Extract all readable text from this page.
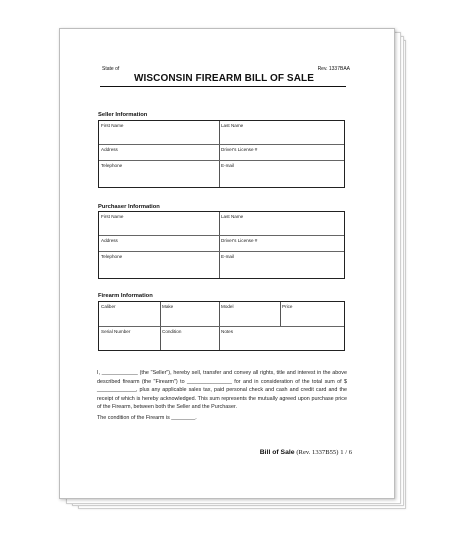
State of	Rev. 1337BAA
WISCONSIN FIREARM BILL OF SALE
Seller Information
First Name	Last Name
Address	Driver's License #
Telephone	E-mail
Purchaser Information
First Name	Last Name
Address	Driver's License #
Telephone	E-mail
Firearm Information
Caliber	Make	Model	Price
Serial Number	Condition	Notes
I, ____________ (the "Seller"), hereby sell, transfer and convey all rights, title and interest in the above described firearm (the "Firearm") to _______________ for and in consideration of the total sum of $ _____________, plus any applicable sales tax, paid personal check and cash and credit card and the receipt of which is hereby acknowledged. This sum represents the mutually agreed upon purchase price of the Firearm, between both the Seller and the Purchaser.
The condition of the Firearm is ________.
Bill of Sale (Rev. 1337B55) 1 / 6
